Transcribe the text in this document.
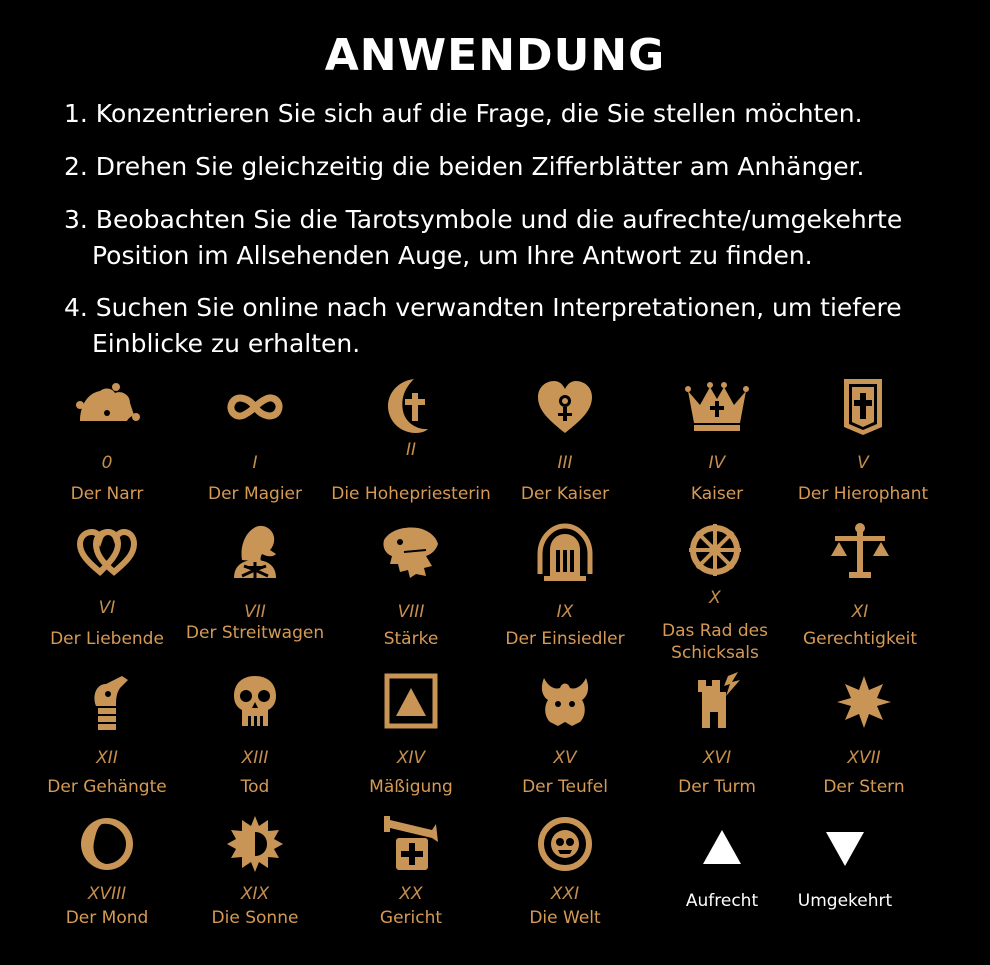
ANWENDUNG
1. Konzentrieren Sie sich auf die Frage, die Sie stellen möchten.
2. Drehen Sie gleichzeitig die beiden Zifferblätter am Anhänger.
3. Beobachten Sie die Tarotsymbole und die aufrechte/umgekehrte
Position im Allsehenden Auge, um Ihre Antwort zu finden.
4. Suchen Sie online nach verwandten Interpretationen, um tiefere
Einblicke zu erhalten.
0
Der Narr
I
Der Magier
II
Die Hohepriesterin
III
Der Kaiser
IV
Kaiser
V
Der Hierophant
VI
Der Liebende
VII
Der Streitwagen
VIII
Stärke
IX
Der Einsiedler
X
Das Rad des Schicksals
XI
Gerechtigkeit
XII
Der Gehängte
XIII
Tod
XIV
Mäßigung
XV
Der Teufel
XVI
Der Turm
XVII
Der Stern
XVIII
Der Mond
XIX
Die Sonne
XX
Gericht
XXI
Die Welt
Aufrecht	Umgekehrt
